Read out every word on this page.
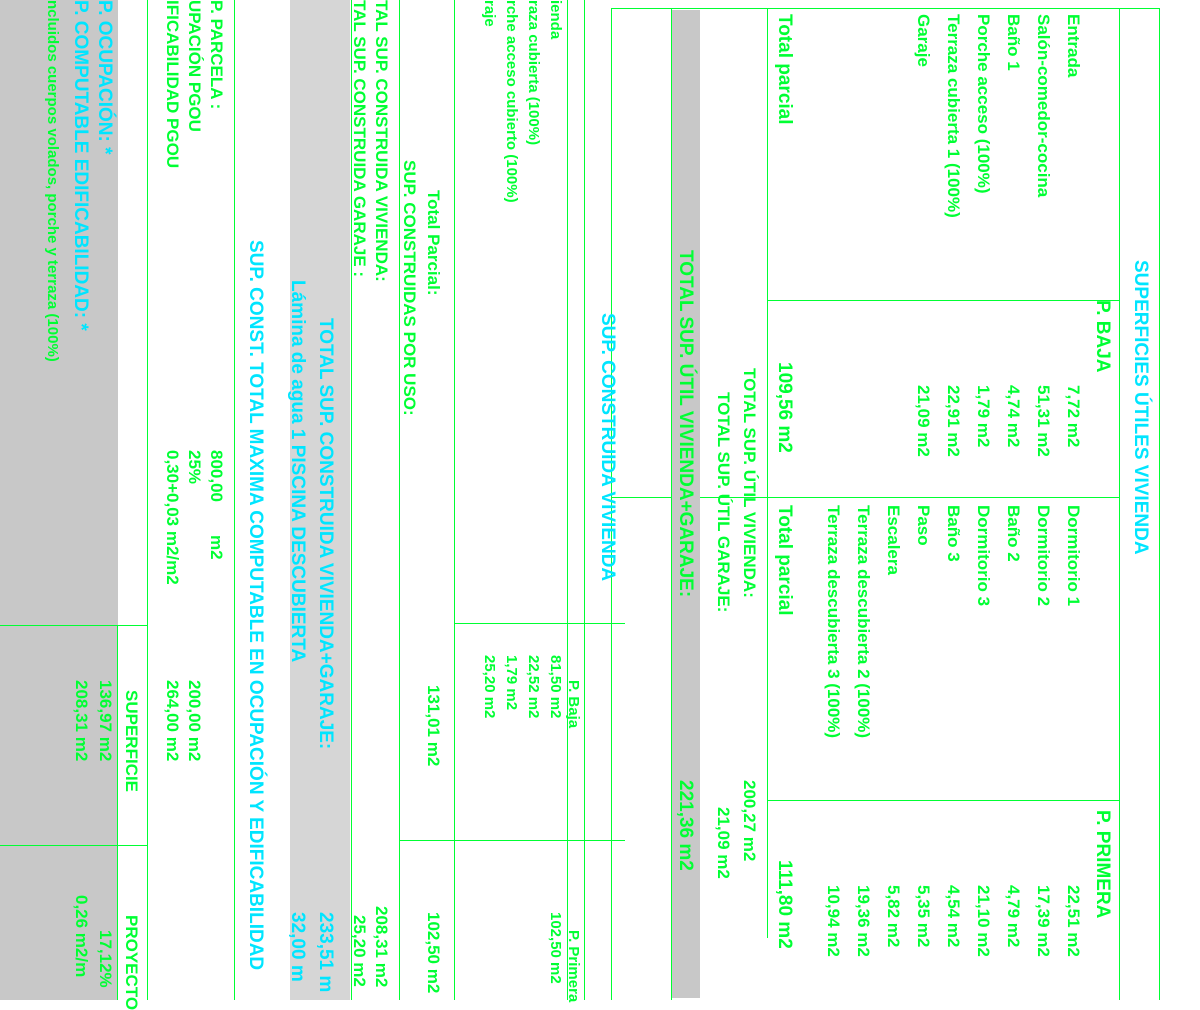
SUPERFICIES ÚTILES VIVIENDA
P. BAJA
P. PRIMERA
Entrada
7,72 m2
Salón-comedor-cocina
51,31 m2
Baño 1
4,74 m2
Porche acceso (100%)
1,79 m2
Terraza cubierta 1 (100%)
22,91 m2
Garaje
21,09 m2
Dormitorio 1
22,51 m2
Dormitorio 2
17,39 m2
Baño 2
4,79 m2
Dormitorio 3
21,10 m2
Baño 3
4,54 m2
Paso
5,35 m2
Escalera
5,82 m2
Terraza descubierta 2 (100%)
19,36 m2
Terraza descubierta 3 (100%)
10,94 m2
Total parcial
109,56 m2
Total parcial
111,80 m2
TOTAL SUP. ÚTIL VIVIENDA:
200,27 m2
TOTAL SUP. ÚTIL GARAJE:
21,09 m2
TOTAL SUP. ÚTIL VIVIENDA+GARAJE:
221,36 m2
SUP. CONSTRUIDA VIVIENDA
P. Baja
P. Primera
ienda
81,50 m2
102,50 m2
raza cubierta (100%)
22,52 m2
rche acceso cubierto (100%)
1,79 m2
raje
25,20 m2
Total Parcial:
131,01 m2
102,50 m2
SUP. CONSTRUIDAS POR USO:
TAL SUP. CONSTRUIDA VIVIENDA:
208,31 m2
TAL SUP. CONSTRUIDA GARAJE :
25,20 m2
TOTAL SUP. CONSTRUIDA VIVIENDA+GARAJE:
233,51 m
Lámina de agua 1 PISCINA DESCUBIERTA
32,00 m
SUP. CONST. TOTAL MAXIMA COMPUTABLE EN OCUPACIÓN Y EDIFICABILIDAD
P. PARCELA :
800,00
m2
UPACIÓN PGOU
25%
200,00 m2
IFICABILIDAD PGOU
0,30+0,03 m2/m2
264,00 m2
SUPERFICIE
PROYECTO
P. OCUPACIÓN: *
136,97 m2
17,12%
P. COMPUTABLE EDIFICABILIDAD: *
208,31 m2
0,26 m2/m
ncluidos cuerpos volados, porche y terraza (100%)
